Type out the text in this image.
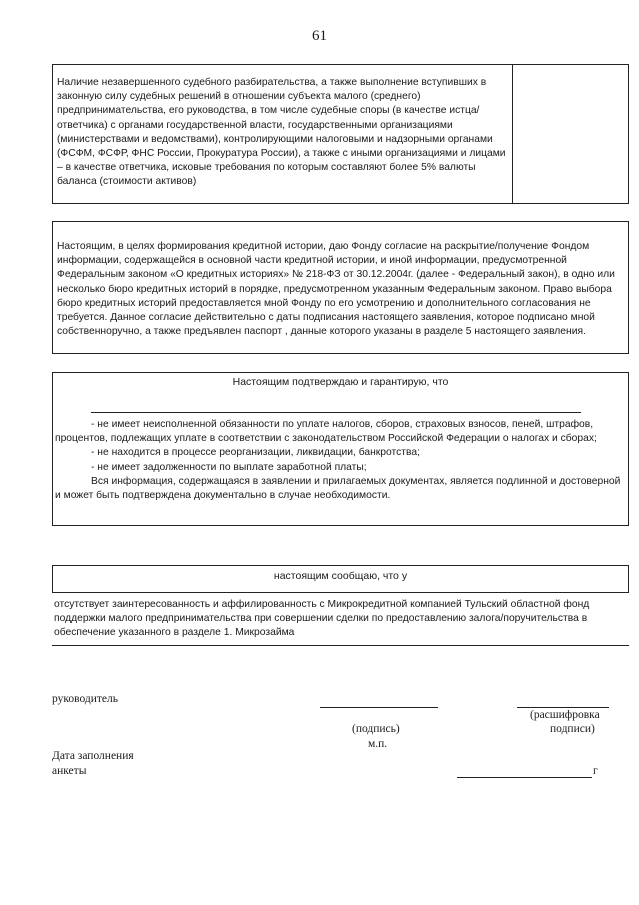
61
Наличие незавершенного судебного разбирательства, а также выполнение вступивших в законную силу судебных решений в отношении субъекта малого (среднего) предпринимательства, его руководства, в том числе судебные споры (в качестве истца/ответчика) с органами государственной власти, государственными организациями (министерствами и ведомствами), контролирующими налоговыми и надзорными органами (ФСФМ, ФСФР, ФНС России, Прокуратура России), а также с иными организациями и лицами – в качестве ответчика, исковые требования по которым составляют более 5% валюты баланса (стоимости активов)
Настоящим, в целях формирования кредитной истории, даю Фонду согласие на раскрытие/получение Фондом информации, содержащейся в основной части кредитной истории, и иной информации, предусмотренной Федеральным законом «О кредитных историях» № 218-ФЗ от 30.12.2004г. (далее - Федеральный закон), в одно или несколько бюро кредитных историй в порядке, предусмотренном указанным Федеральным законом. Право выбора бюро кредитных историй предоставляется мной Фонду по его усмотрению и дополнительного согласования не требуется. Данное согласие действительно с даты подписания настоящего заявления, которое подписано мной собственноручно, а также предъявлен паспорт , данные которого указаны в разделе 5 настоящего заявления.
Настоящим подтверждаю и гарантирую, что
- не имеет неисполненной обязанности по уплате налогов, сборов, страховых взносов, пеней, штрафов, процентов, подлежащих уплате в соответствии с законодательством Российской Федерации о налогах и сборах;
- не находится в процессе реорганизации, ликвидации, банкротства;
- не имеет задолженности по выплате заработной платы;
Вся информация, содержащаяся в заявлении и прилагаемых документах, является подлинной и достоверной и может быть подтверждена документально в случае необходимости.
настоящим сообщаю, что у
отсутствует заинтересованность и аффилированность с Микрокредитной компанией Тульский областной фонд поддержки малого предпринимательства при совершении сделки по предоставлению залога/поручительства в обеспечение указанного в разделе 1. Микрозайма
руководитель
(расшифровка
(подпись)	подписи)
м.п.
Дата заполнения
анкеты	г
